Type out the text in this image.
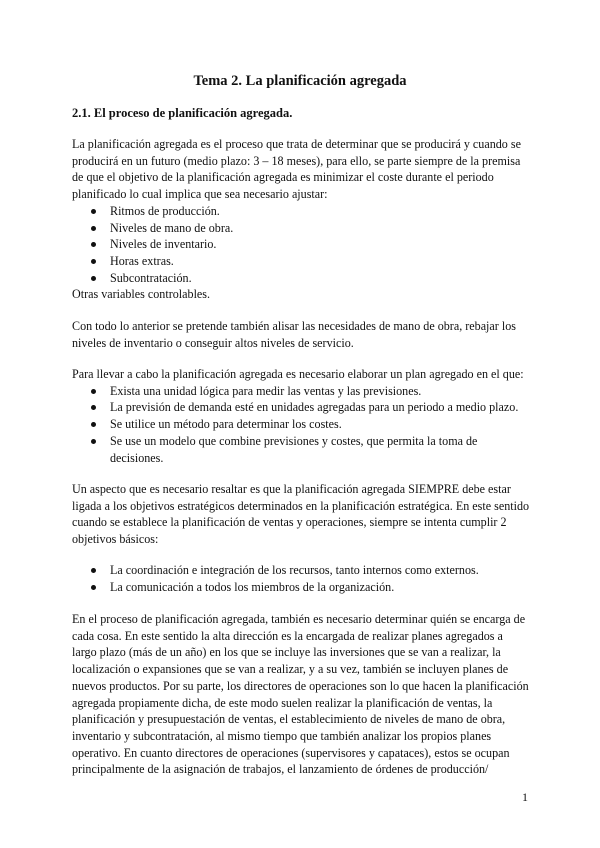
Tema 2. La planificación agregada
2.1. El proceso de planificación agregada.

La planificación agregada es el proceso que trata de determinar que se producirá y cuando se

producirá en un futuro (medio plazo: 3 – 18 meses), para ello, se parte siempre de la premisa

de que el objetivo de la planificación agregada es minimizar el coste durante el periodo

planificado lo cual implica que sea necesario ajustar:

Ritmos de producción.
Niveles de mano de obra.
Niveles de inventario.
Horas extras.
Subcontratación.

Otras variables controlables.

Con todo lo anterior se pretende también alisar las necesidades de mano de obra, rebajar los

niveles de inventario o conseguir altos niveles de servicio.

Para llevar a cabo la planificación agregada es necesario elaborar un plan agregado en el que:

Exista una unidad lógica para medir las ventas y las previsiones.
La previsión de demanda esté en unidades agregadas para un periodo a medio plazo.
Se utilice un método para determinar los costes.
Se use un modelo que combine previsiones y costes, que permita la toma de
decisiones.

Un aspecto que es necesario resaltar es que la planificación agregada SIEMPRE debe estar

ligada a los objetivos estratégicos determinados en la planificación estratégica. En este sentido

cuando se establece la planificación de ventas y operaciones, siempre se intenta cumplir 2

objetivos básicos:

La coordinación e integración de los recursos, tanto internos como externos.
La comunicación a todos los miembros de la organización.

En el proceso de planificación agregada, también es necesario determinar quién se encarga de

cada cosa. En este sentido la alta dirección es la encargada de realizar planes agregados a

largo plazo (más de un año) en los que se incluye las inversiones que se van a realizar, la

localización o expansiones que se van a realizar, y a su vez, también se incluyen planes de

nuevos productos. Por su parte, los directores de operaciones son lo que hacen la planificación

agregada propiamente dicha, de este modo suelen realizar la planificación de ventas, la

planificación y presupuestación de ventas, el establecimiento de niveles de mano de obra,

inventario y subcontratación, al mismo tiempo que también analizar los propios planes

operativo. En cuanto directores de operaciones (supervisores y capataces), estos se ocupan

principalmente de la asignación de trabajos, el lanzamiento de órdenes de producción/

1
